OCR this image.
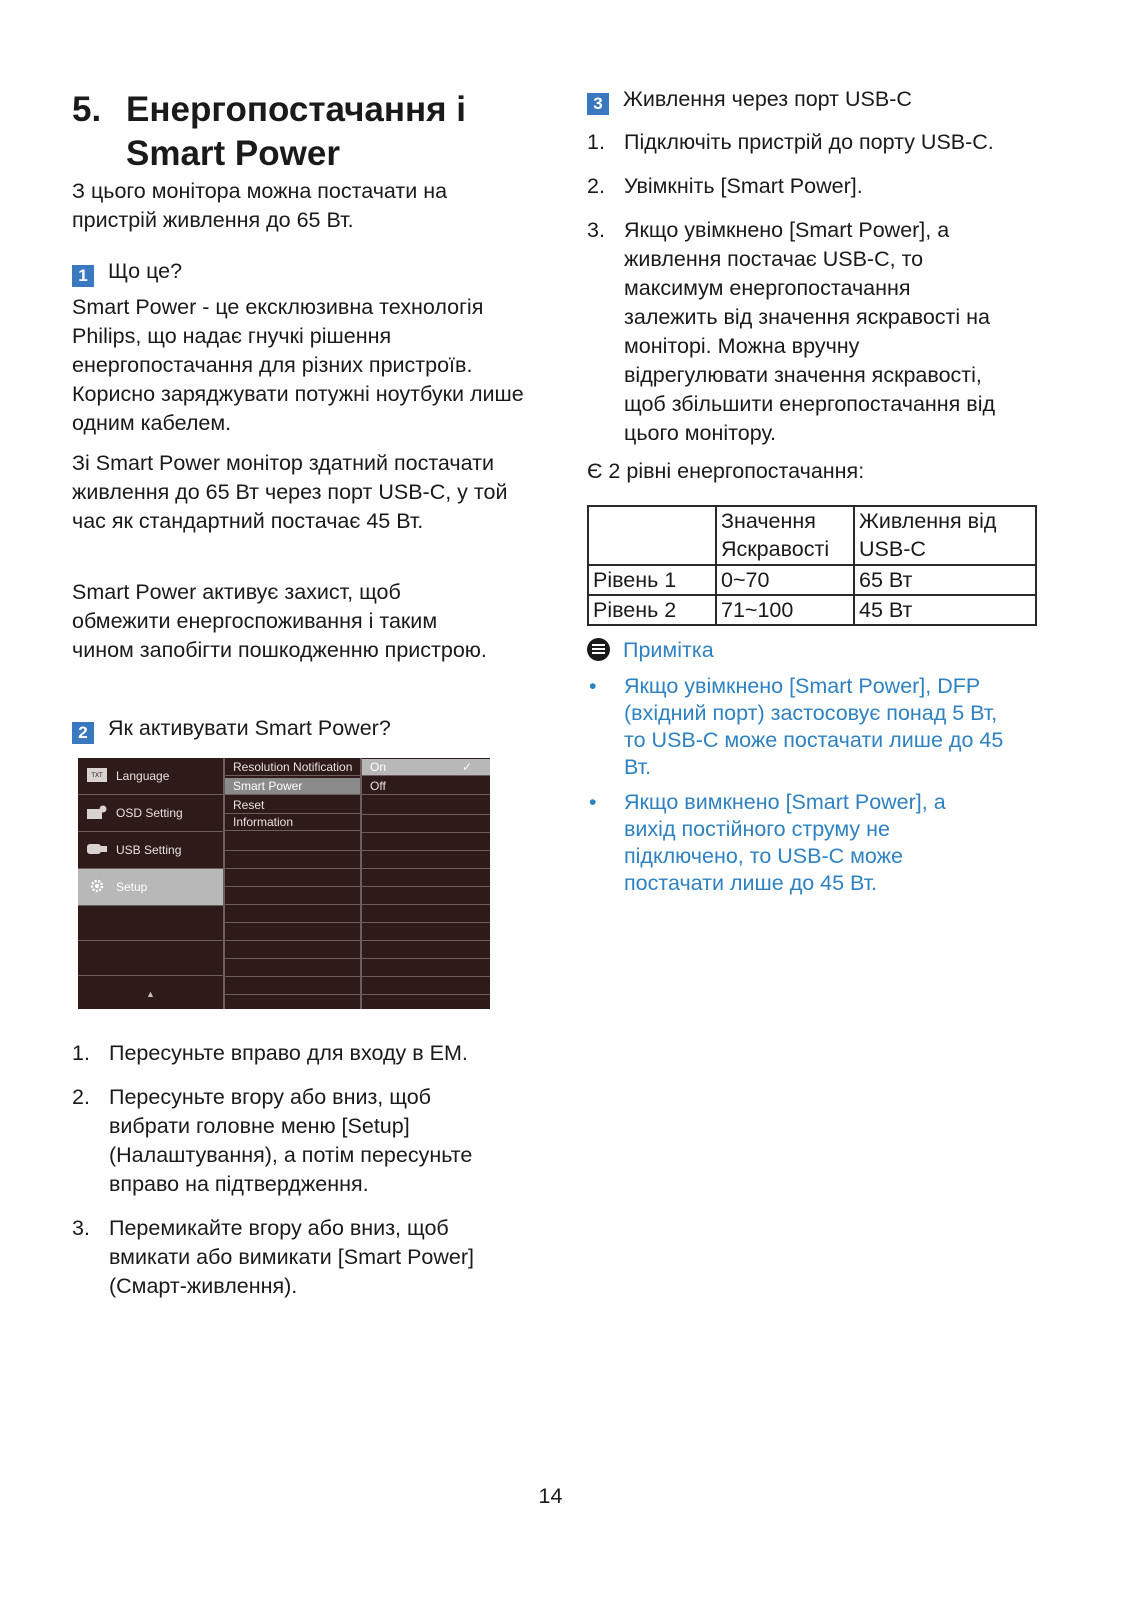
5. Енергопостачання і
Smart Power

З цього монітора можна постачати на пристрій живлення до 65 Вт.

1 Що це?

Smart Power - це ексклюзивна технологія Philips, що надає гнучкі рішення енергопостачання для різних пристроїв. Корисно заряджувати потужні ноутбуки лише одним кабелем.

Зі Smart Power монітор здатний постачати живлення до 65 Вт через порт USB-C, у той час як стандартний постачає 45 Вт.

Smart Power активує захист, щоб обмежити енергоспоживання і таким чином запобігти пошкодженню пристрою.

2 Як активувати Smart Power?
TXT Language
OSD Setting
USB Setting
Setup
▲
Resolution Notification
Smart Power
Reset
Information
On	✓
Off
1. Пересуньте вправо для входу в ЕМ.
2. Пересуньте вгору або вниз, щоб вибрати головне меню [Setup] (Налаштування), а потім пересуньте вправо на підтвердження.
3. Перемикайте вгору або вниз, щоб вмикати або вимикати [Smart Power] (Смарт-живлення).
3 Живлення через порт USB-C
1. Підключіть пристрій до порту USB-C.
2. Увімкніть [Smart Power].
3. Якщо увімкнено [Smart Power], а живлення постачає USB-C, то максимум енергопостачання залежить від значення яскравості на моніторі. Можна вручну відрегулювати значення яскравості, щоб збільшити енергопостачання від цього монітору.

Є 2 рівні енергопостачання:

	Значення Яскравості	Живлення від USB-C
Рівень 1	0~70	65 Вт
Рівень 2	71~100	45 Вт
Примітка
• Якщо увімкнено [Smart Power], DFP (вхідний порт) застосовує понад 5 Вт, то USB-C може постачати лише до 45 Вт.
• Якщо вимкнено [Smart Power], а вихід постійного струму не підключено, то USB-C може постачати лише до 45 Вт.
14
